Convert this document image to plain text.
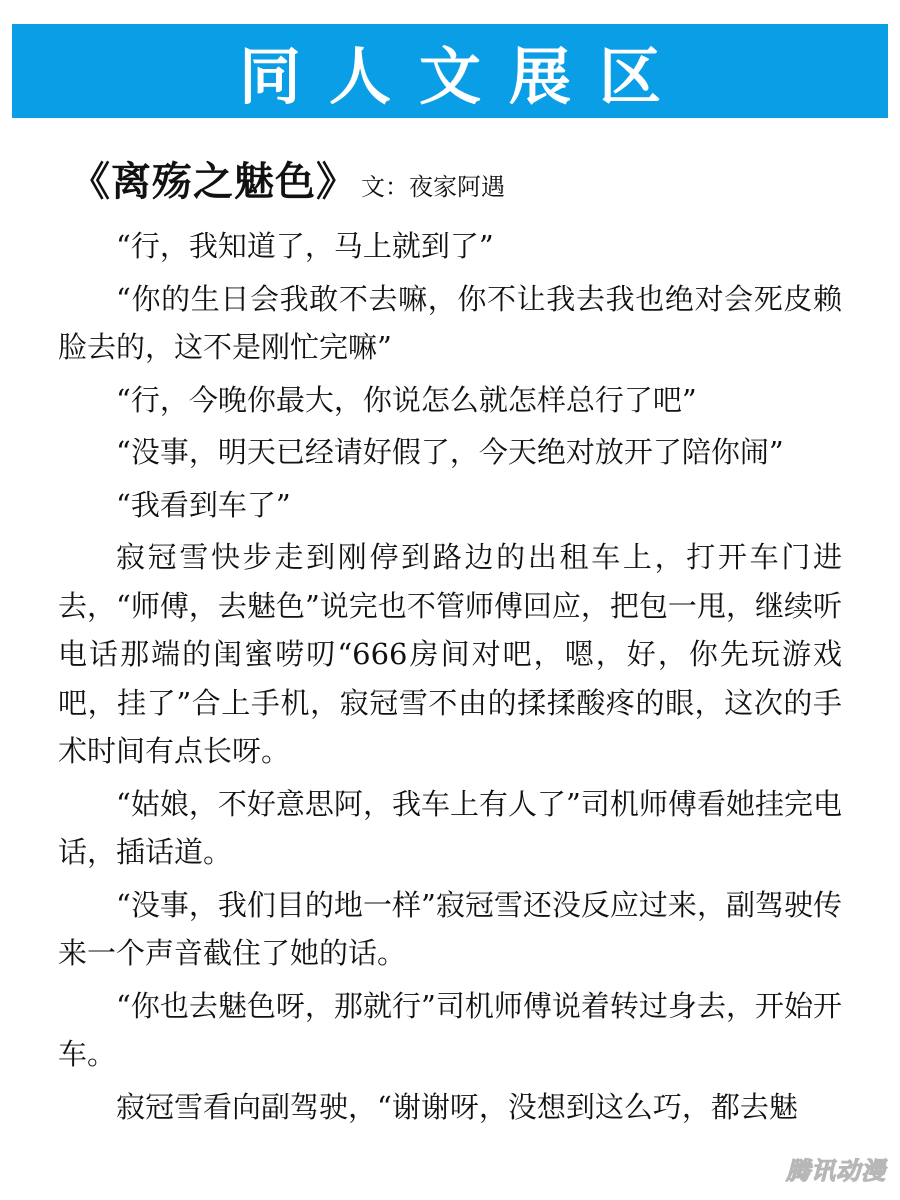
同人文展区
《离殇之魅色》 文：夜家阿遇

“行，我知道了，马上就到了”

“你的生日会我敢不去嘛，你不让我去我也绝对会死皮赖脸去的，这不是刚忙完嘛”

“行，今晚你最大，你说怎么就怎样总行了吧”

“没事，明天已经请好假了，今天绝对放开了陪你闹”

“我看到车了”

寂冠雪快步走到刚停到路边的出租车上，打开车门进去，“师傅，去魅色”说完也不管师傅回应，把包一甩，继续听电话那端的闺蜜唠叨“666房间对吧，嗯，好，你先玩游戏吧，挂了”合上手机，寂冠雪不由的揉揉酸疼的眼，这次的手术时间有点长呀。

“姑娘，不好意思阿，我车上有人了”司机师傅看她挂完电话，插话道。

“没事，我们目的地一样”寂冠雪还没反应过来，副驾驶传来一个声音截住了她的话。

“你也去魅色呀，那就行”司机师傅说着转过身去，开始开车。

寂冠雪看向副驾驶，“谢谢呀，没想到这么巧，都去魅

腾讯动漫
